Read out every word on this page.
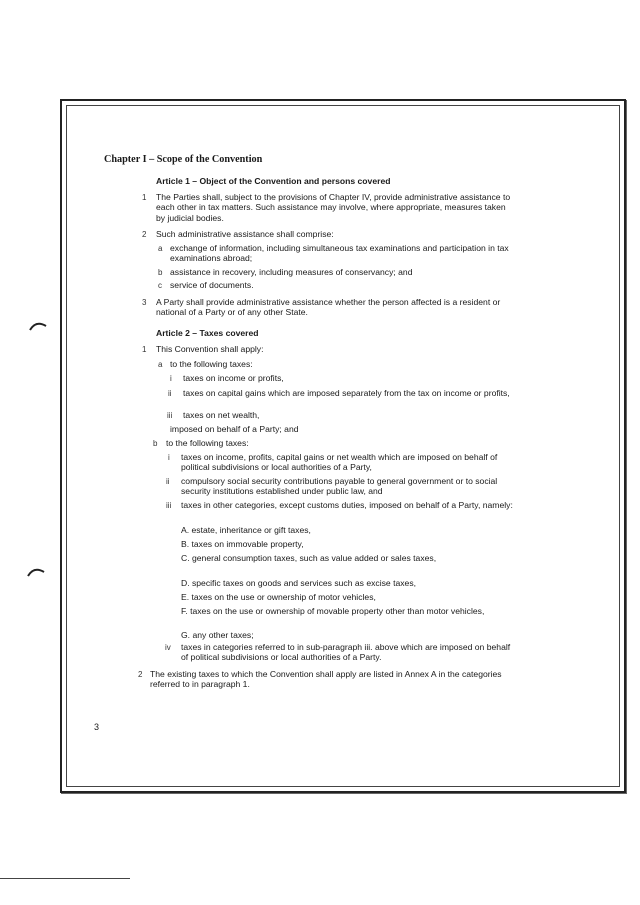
Chapter I – Scope of the Convention
Article 1 – Object of the Convention and persons covered
1 The Parties shall, subject to the provisions of Chapter IV, provide administrative assistance to each other in tax matters. Such assistance may involve, where appropriate, measures taken by judicial bodies.
2 Such administrative assistance shall comprise:
a exchange of information, including simultaneous tax examinations and participation in tax examinations abroad;
b assistance in recovery, including measures of conservancy; and
c service of documents.
3 A Party shall provide administrative assistance whether the person affected is a resident or national of a Party or of any other State.
Article 2 – Taxes covered
1 This Convention shall apply:
a to the following taxes:
i taxes on income or profits,
ii taxes on capital gains which are imposed separately from the tax on income or profits,
iii taxes on net wealth,
imposed on behalf of a Party; and
b to the following taxes:
i taxes on income, profits, capital gains or net wealth which are imposed on behalf of political subdivisions or local authorities of a Party,
ii compulsory social security contributions payable to general government or to social security institutions established under public law, and
iii taxes in other categories, except customs duties, imposed on behalf of a Party, namely:
A. estate, inheritance or gift taxes,
B. taxes on immovable property,
C. general consumption taxes, such as value added or sales taxes,
D. specific taxes on goods and services such as excise taxes,
E. taxes on the use or ownership of motor vehicles,
F. taxes on the use or ownership of movable property other than motor vehicles,
G. any other taxes;
iv taxes in categories referred to in sub-paragraph iii. above which are imposed on behalf of political subdivisions or local authorities of a Party.
2 The existing taxes to which the Convention shall apply are listed in Annex A in the categories referred to in paragraph 1.
3
